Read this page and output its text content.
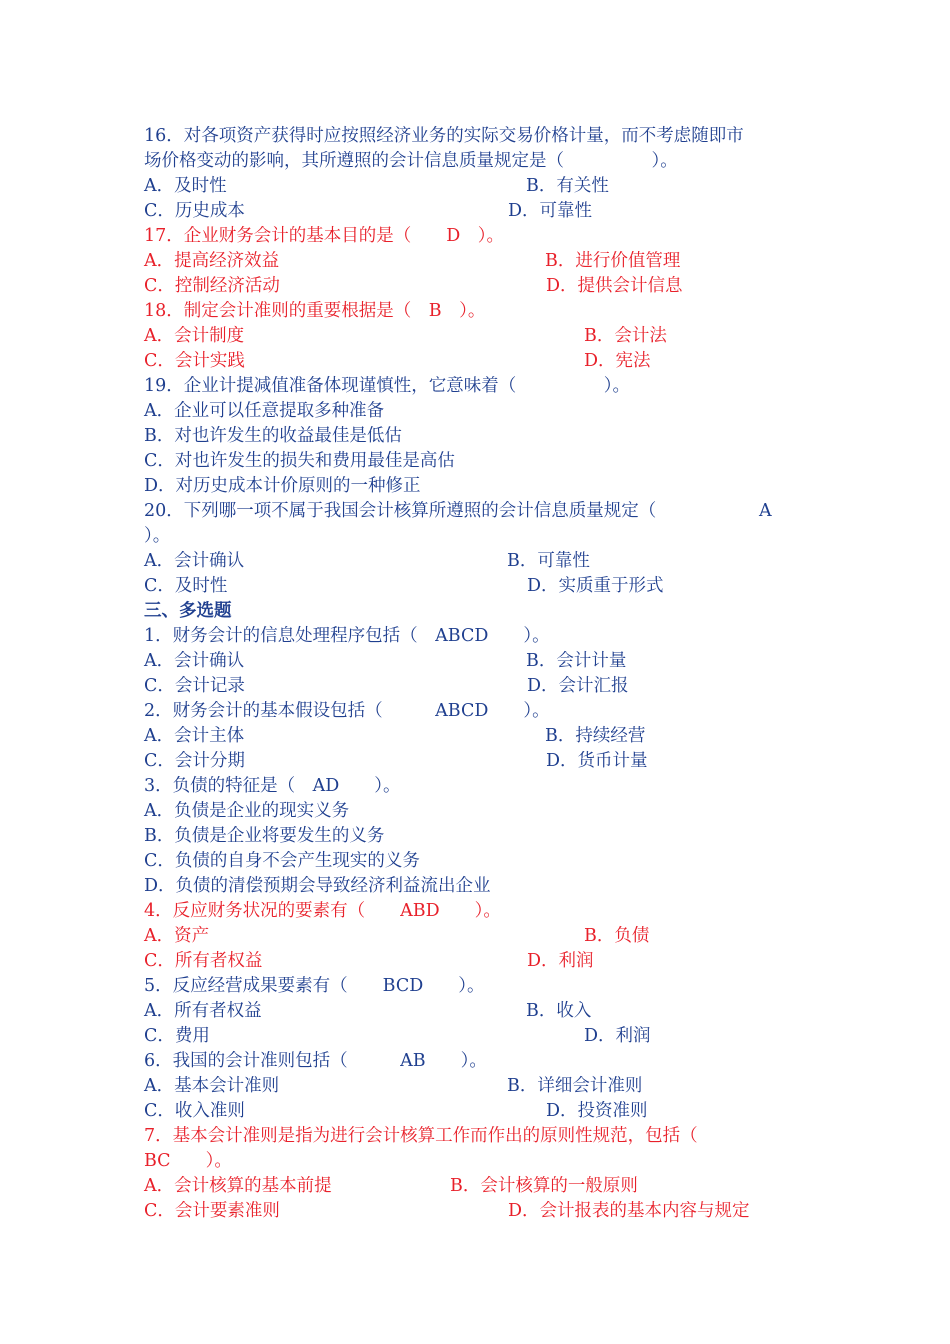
16．对各项资产获得时应按照经济业务的实际交易价格计量，而不考虑随即市
场价格变动的影响，其所遵照的会计信息质量规定是（　　　　　）。
A．及时性	B．有关性
C．历史成本	D．可靠性
17．企业财务会计的基本目的是（　　D　）。
A．提高经济效益	B．进行价值管理
C．控制经济活动	D．提供会计信息
18．制定会计准则的重要根据是（　B　）。
A．会计制度	B．会计法
C．会计实践	D．宪法
19．企业计提减值准备体现谨慎性，它意味着（　　　　　）。
A．企业可以任意提取多种准备
B．对也许发生的收益最佳是低估
C．对也许发生的损失和费用最佳是高估
D．对历史成本计价原则的一种修正
20．下列哪一项不属于我国会计核算所遵照的会计信息质量规定（	A
）。
A．会计确认	B．可靠性
C．及时性	D．实质重于形式
三、多选题
1．财务会计的信息处理程序包括（　ABCD　　）。
A．会计确认	B．会计计量
C．会计记录	D．会计汇报
2．财务会计的基本假设包括（　　　ABCD　　）。
A．会计主体	B．持续经营
C．会计分期	D．货币计量
3．负债的特征是（　AD　　）。
A．负债是企业的现实义务
B．负债是企业将要发生的义务
C．负债的自身不会产生现实的义务
D．负债的清偿预期会导致经济利益流出企业
4．反应财务状况的要素有（　　ABD　　）。
A．资产	B．负债
C．所有者权益	D．利润
5．反应经营成果要素有（　　BCD　　）。
A．所有者权益	B．收入
C．费用	D．利润
6．我国的会计准则包括（　　　AB　　）。
A．基本会计准则	B．详细会计准则
C．收入准则	D．投资准则
7．基本会计准则是指为进行会计核算工作而作出的原则性规范，包括（
BC　　）。
A．会计核算的基本前提	B．会计核算的一般原则
C．会计要素准则	D．会计报表的基本内容与规定
